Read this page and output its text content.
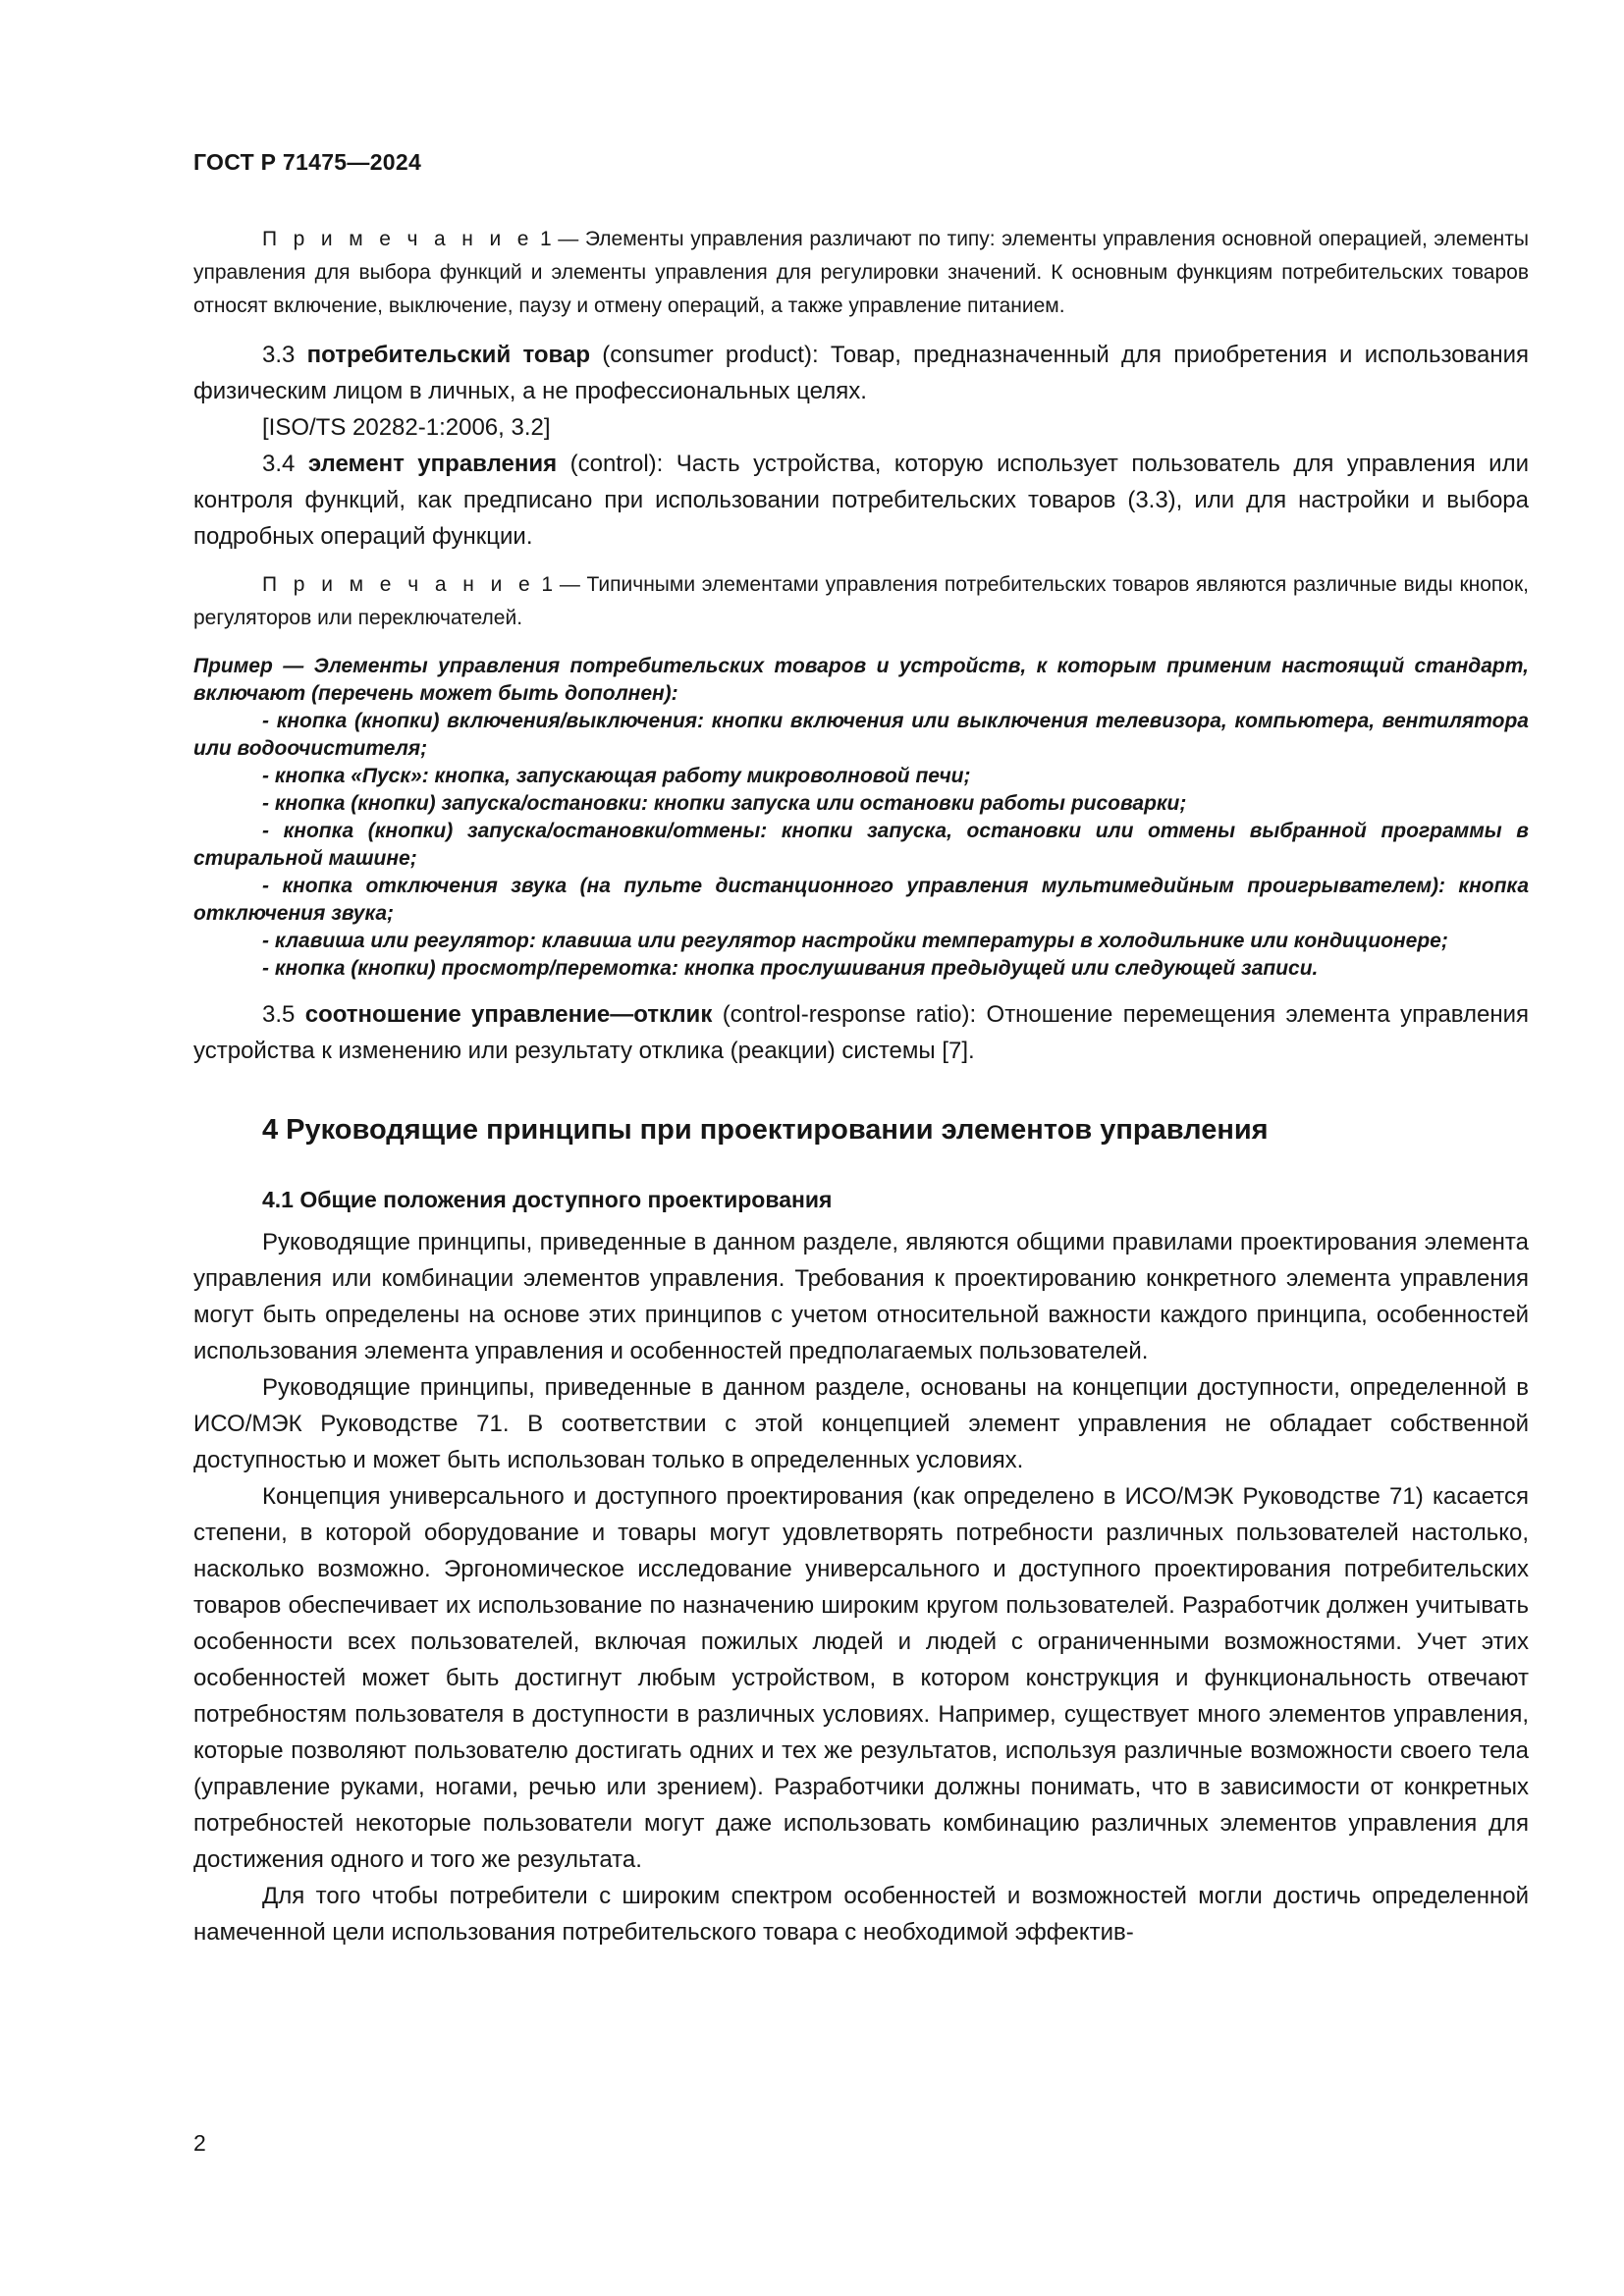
ГОСТ Р 71475—2024

П р и м е ч а н и е 1 — Элементы управления различают по типу: элементы управления основной операцией, элементы управления для выбора функций и элементы управления для регулировки значений. К основным функциям потребительских товаров относят включение, выключение, паузу и отмену операций, а также управление питанием.

3.3 потребительский товар (consumer product): Товар, предназначенный для приобретения и использования физическим лицом в личных, а не профессиональных целях.

[ISO/TS 20282-1:2006, 3.2]

3.4 элемент управления (control): Часть устройства, которую использует пользователь для управления или контроля функций, как предписано при использовании потребительских товаров (3.3), или для настройки и выбора подробных операций функции.

П р и м е ч а н и е 1 — Типичными элементами управления потребительских товаров являются различные виды кнопок, регуляторов или переключателей.

Пример — Элементы управления потребительских товаров и устройств, к которым применим настоящий стандарт, включают (перечень может быть дополнен):

- кнопка (кнопки) включения/выключения: кнопки включения или выключения телевизора, компьютера, вентилятора или водоочистителя;

- кнопка «Пуск»: кнопка, запускающая работу микроволновой печи;

- кнопка (кнопки) запуска/остановки: кнопки запуска или остановки работы рисоварки;

- кнопка (кнопки) запуска/остановки/отмены: кнопки запуска, остановки или отмены выбранной программы в стиральной машине;

- кнопка отключения звука (на пульте дистанционного управления мультимедийным проигрывателем): кнопка отключения звука;

- клавиша или регулятор: клавиша или регулятор настройки температуры в холодильнике или кондиционере;

- кнопка (кнопки) просмотр/перемотка: кнопка прослушивания предыдущей или следующей записи.

3.5 соотношение управление—отклик (control-response ratio): Отношение перемещения элемента управления устройства к изменению или результату отклика (реакции) системы [7].

4 Руководящие принципы при проектировании элементов управления
4.1 Общие положения доступного проектирования

Руководящие принципы, приведенные в данном разделе, являются общими правилами проектирования элемента управления или комбинации элементов управления. Требования к проектированию конкретного элемента управления могут быть определены на основе этих принципов с учетом относительной важности каждого принципа, особенностей использования элемента управления и особенностей предполагаемых пользователей.

Руководящие принципы, приведенные в данном разделе, основаны на концепции доступности, определенной в ИСО/МЭК Руководстве 71. В соответствии с этой концепцией элемент управления не обладает собственной доступностью и может быть использован только в определенных условиях.

Концепция универсального и доступного проектирования (как определено в ИСО/МЭК Руководстве 71) касается степени, в которой оборудование и товары могут удовлетворять потребности различных пользователей настолько, насколько возможно. Эргономическое исследование универсального и доступного проектирования потребительских товаров обеспечивает их использование по назначению широким кругом пользователей. Разработчик должен учитывать особенности всех пользователей, включая пожилых людей и людей с ограниченными возможностями. Учет этих особенностей может быть достигнут любым устройством, в котором конструкция и функциональность отвечают потребностям пользователя в доступности в различных условиях. Например, существует много элементов управления, которые позволяют пользователю достигать одних и тех же результатов, используя различные возможности своего тела (управление руками, ногами, речью или зрением). Разработчики должны понимать, что в зависимости от конкретных потребностей некоторые пользователи могут даже использовать комбинацию различных элементов управления для достижения одного и того же результата.

Для того чтобы потребители с широким спектром особенностей и возможностей могли достичь определенной намеченной цели использования потребительского товара с необходимой эффектив-

2
